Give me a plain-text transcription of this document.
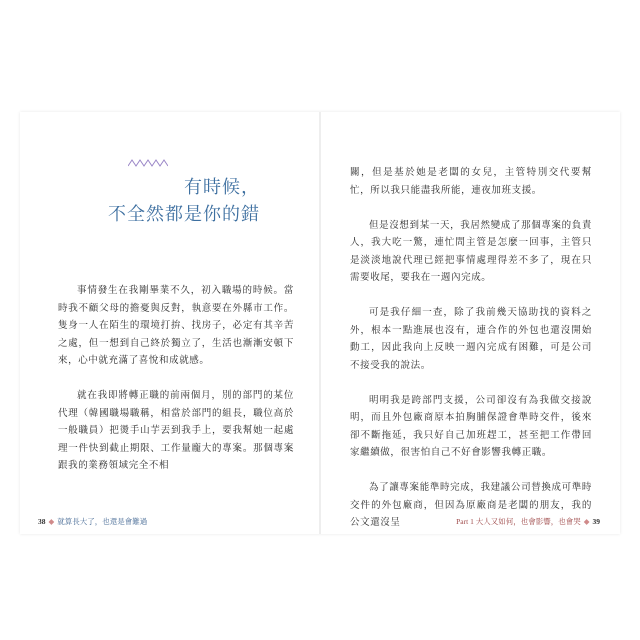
有時候，
不全然都是你的錯

事情發生在我剛畢業不久，初入職場的時候。當時我不顧父母的擔憂與反對，執意要在外縣市工作。隻身一人在陌生的環境打拚、找房子，必定有其辛苦之處，但一想到自己終於獨立了，生活也漸漸安頓下來，心中就充滿了喜悅和成就感。

就在我即將轉正職的前兩個月，別的部門的某位代理（韓國職場職稱，相當於部門的組長，職位高於一般職員）把燙手山芋丟到我手上，要我幫她一起處理一件快到截止期限、工作量龐大的專案。那個專案跟我的業務領域完全不相

38 ◆ 就算長大了，也還是會難過

關，但是基於她是老闆的女兒，主管特別交代要幫忙，所以我只能盡我所能，連夜加班支援。

但是沒想到某一天，我居然變成了那個專案的負責人，我大吃一驚，連忙問主管是怎麼一回事，主管只是淡淡地說代理已經把事情處理得差不多了，現在只需要收尾，要我在一週內完成。

可是我仔細一查，除了我前幾天協助找的資料之外，根本一點進展也沒有，連合作的外包也還沒開始動工，因此我向上反映一週內完成有困難，可是公司不接受我的說法。

明明我是跨部門支援，公司卻沒有為我做交接說明，而且外包廠商原本拍胸脯保證會準時交件，後來卻不斷拖延，我只好自己加班趕工，甚至把工作帶回家繼續做，很害怕自己不好會影響我轉正職。

為了讓專案能準時完成，我建議公司替換成可準時交件的外包廠商，但因為原廠商是老闆的朋友，我的公文還沒呈	Part 1 大人又如何，也會影響，也會哭 ◆ 39
